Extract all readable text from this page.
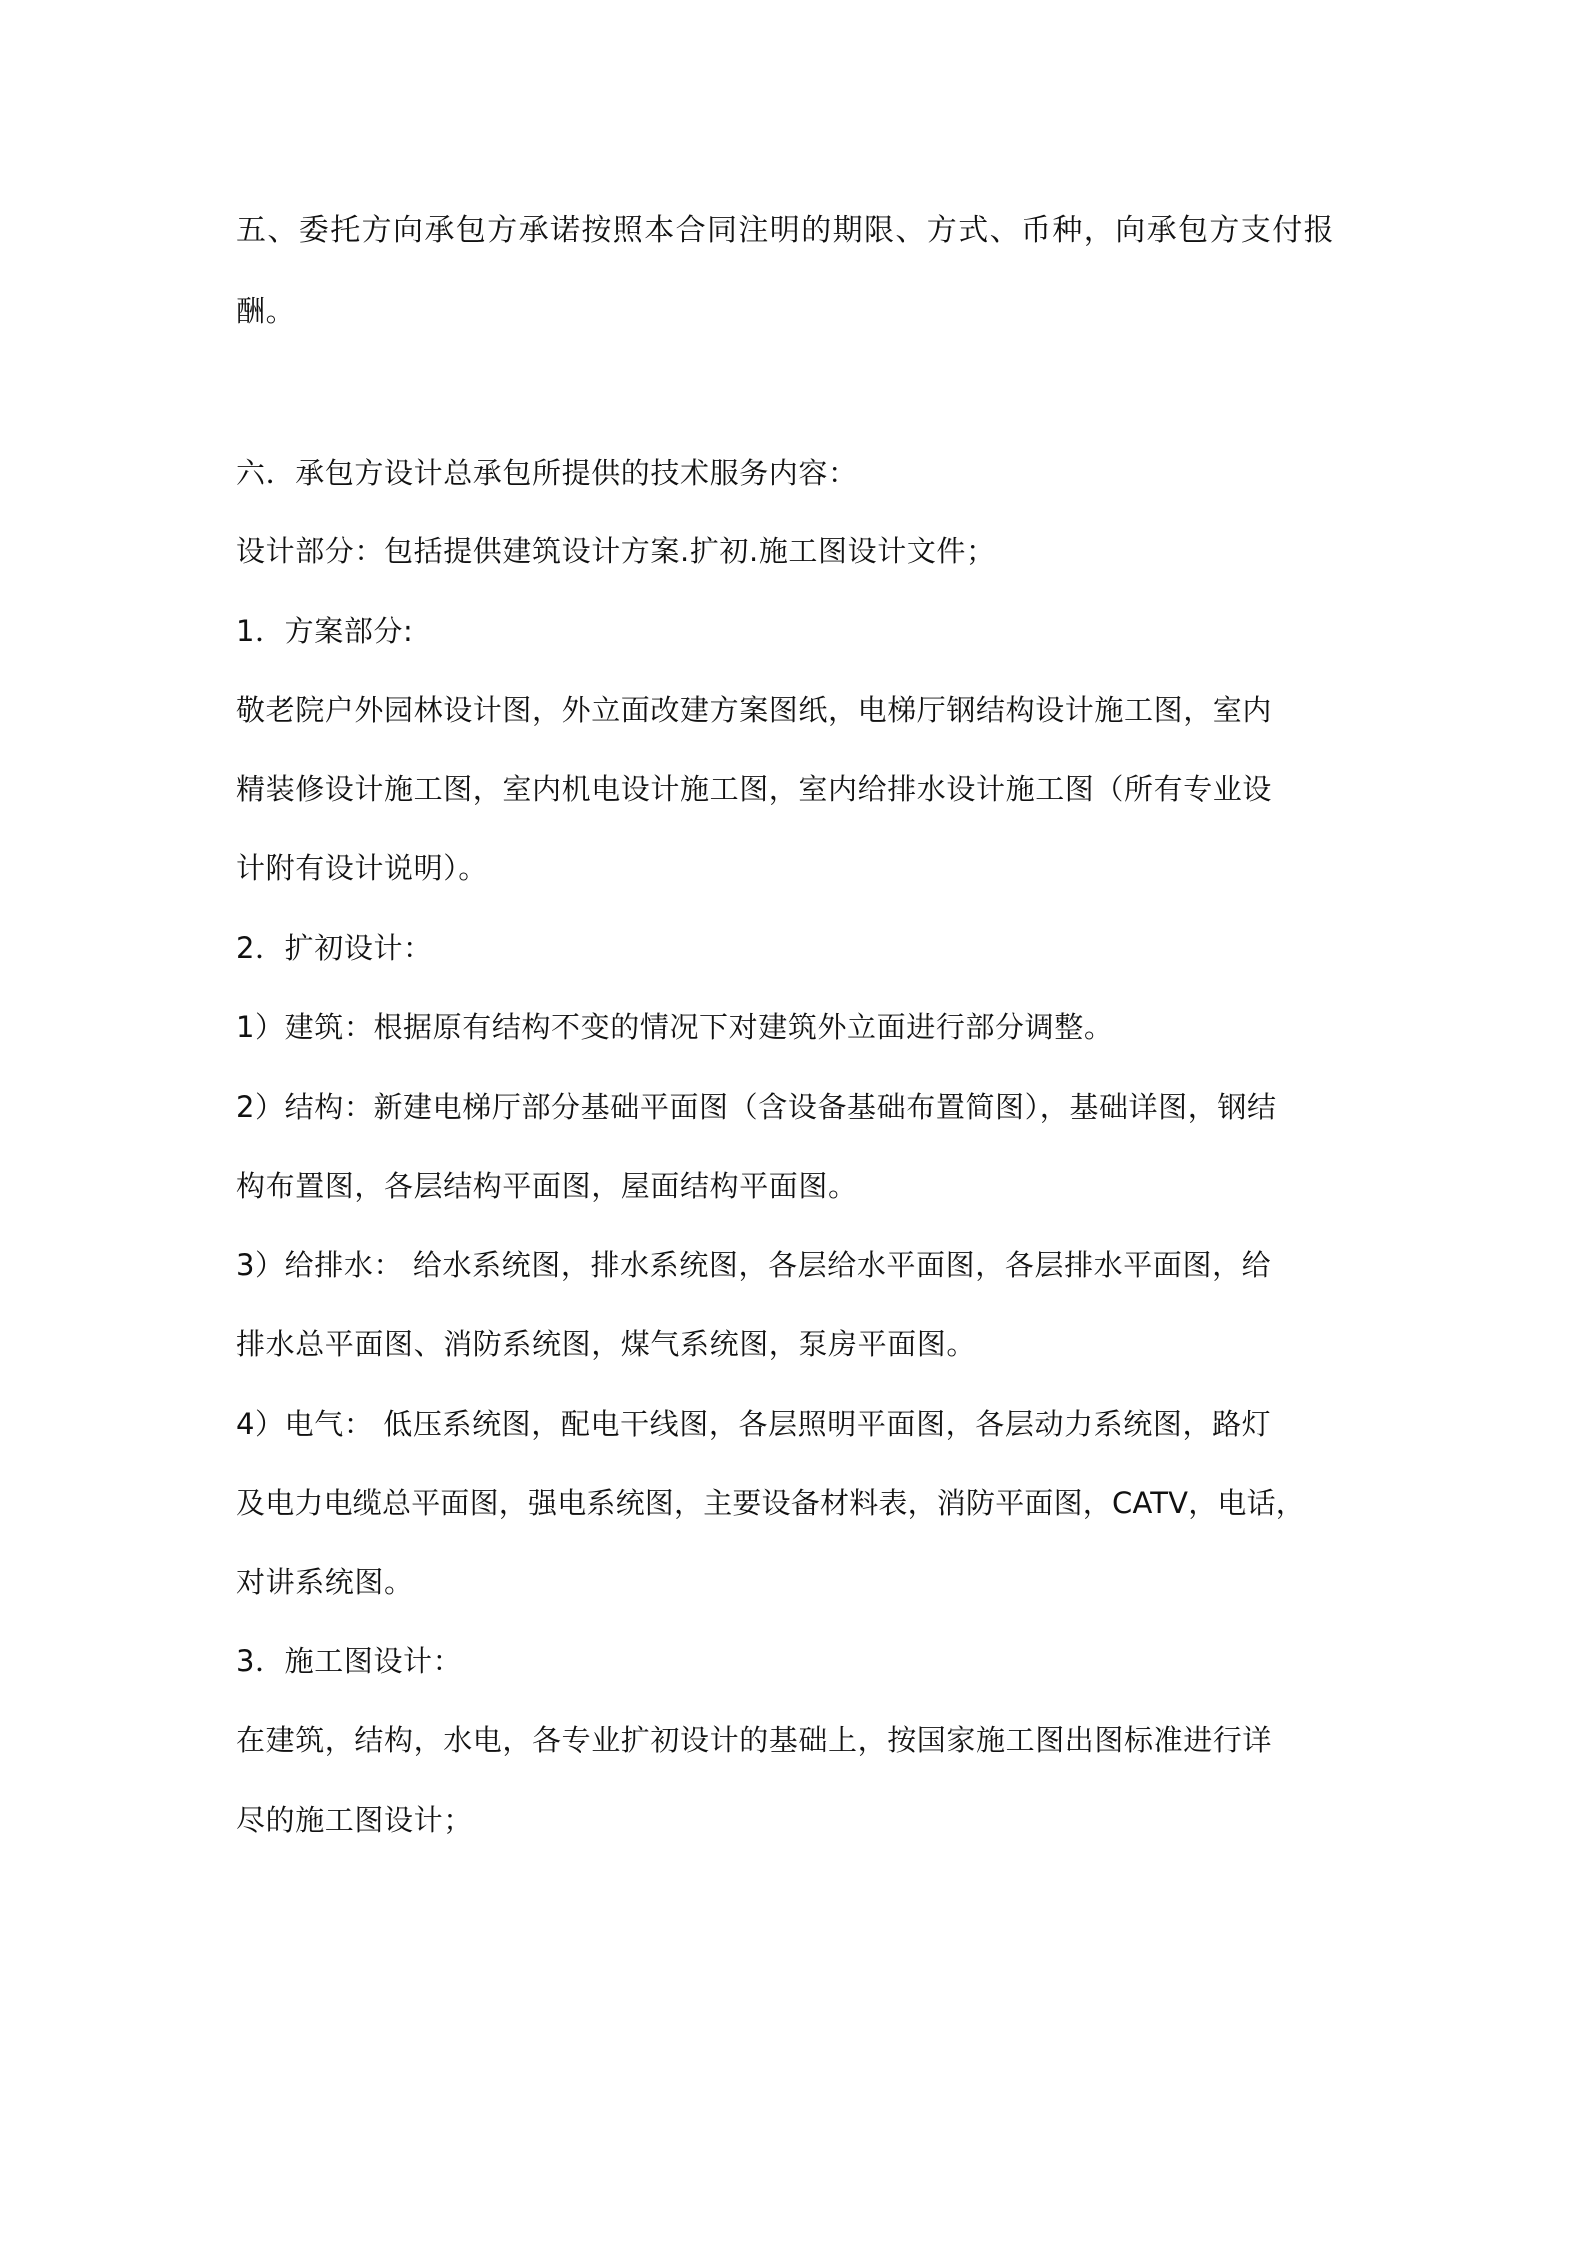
五、委托方向承包方承诺按照本合同注明的期限、方式、币种，向承包方支付报

酬。

六．承包方设计总承包所提供的技术服务内容：

设计部分：包括提供建筑设计方案.扩初.施工图设计文件；

1．方案部分:

敬老院户外园林设计图，外立面改建方案图纸，电梯厅钢结构设计施工图，室内

精装修设计施工图，室内机电设计施工图，室内给排水设计施工图（所有专业设

计附有设计说明）。

2．扩初设计：

1）建筑：根据原有结构不变的情况下对建筑外立面进行部分调整。

2）结构：新建电梯厅部分基础平面图（含设备基础布置简图），基础详图，钢结

构布置图，各层结构平面图，屋面结构平面图。

3）给排水： 给水系统图，排水系统图，各层给水平面图，各层排水平面图，给

排水总平面图、消防系统图，煤气系统图，泵房平面图。

4）电气： 低压系统图，配电干线图，各层照明平面图，各层动力系统图，路灯

及电力电缆总平面图，强电系统图，主要设备材料表，消防平面图，CATV，电话，

对讲系统图。

3．施工图设计：

在建筑，结构，水电，各专业扩初设计的基础上，按国家施工图出图标准进行详

尽的施工图设计；
